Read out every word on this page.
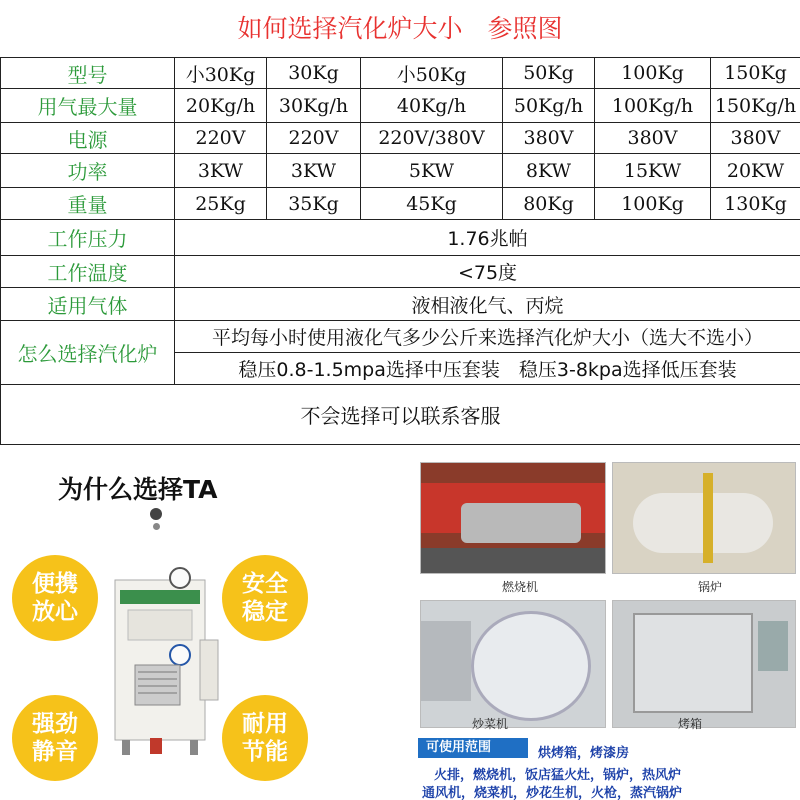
如何选择汽化炉大小　参照图
型号	小30Kg	30Kg	小50Kg	50Kg	100Kg	150Kg
用气最大量	20Kg/h	30Kg/h	40Kg/h	50Kg/h	100Kg/h	150Kg/h
电源	220V	220V	220V/380V	380V	380V	380V
功率	3KW	3KW	5KW	8KW	15KW	20KW
重量	25Kg	35Kg	45Kg	80Kg	100Kg	130Kg
工作压力	1.76兆帕					
工作温度	<75度					
适用气体	液相液化气、丙烷					
怎么选择汽化炉	平均每小时使用液化气多少公斤来选择汽化炉大小（选大不选小）					
	稳压0.8-1.5mpa选择中压套装　稳压3-8kpa选择低压套装					
不会选择可以联系客服						
为什么选择TA
便携
放心
安全
稳定
强劲
静音
耐用
节能
燃烧机	锅炉
炒菜机	烤箱
可使用范围	烘烤箱，烤漆房
火排，燃烧机，饭店猛火灶，锅炉，热风炉
通风机，烧菜机，炒花生机，火枪，蒸汽锅炉
